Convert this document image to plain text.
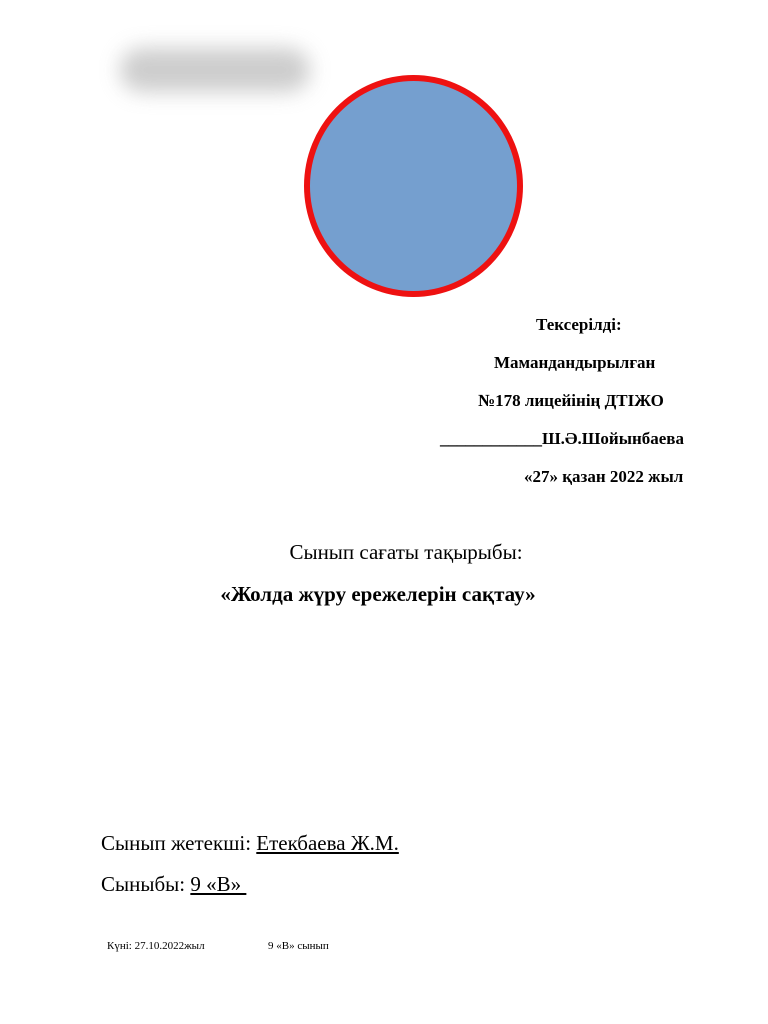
Тексерілді:
Мамандандырылған
№178 лицейінің ДТІЖО
____________Ш.Ә.Шойынбаева
«27» қазан 2022 жыл
Сынып сағаты тақырыбы:
«Жолда жүру ережелерін сақтау»
Сынып жетекші: Етекбаева Ж.М.
Сыныбы: 9 «В»
Күні: 27.10.2022жыл	9 «В» сынып
